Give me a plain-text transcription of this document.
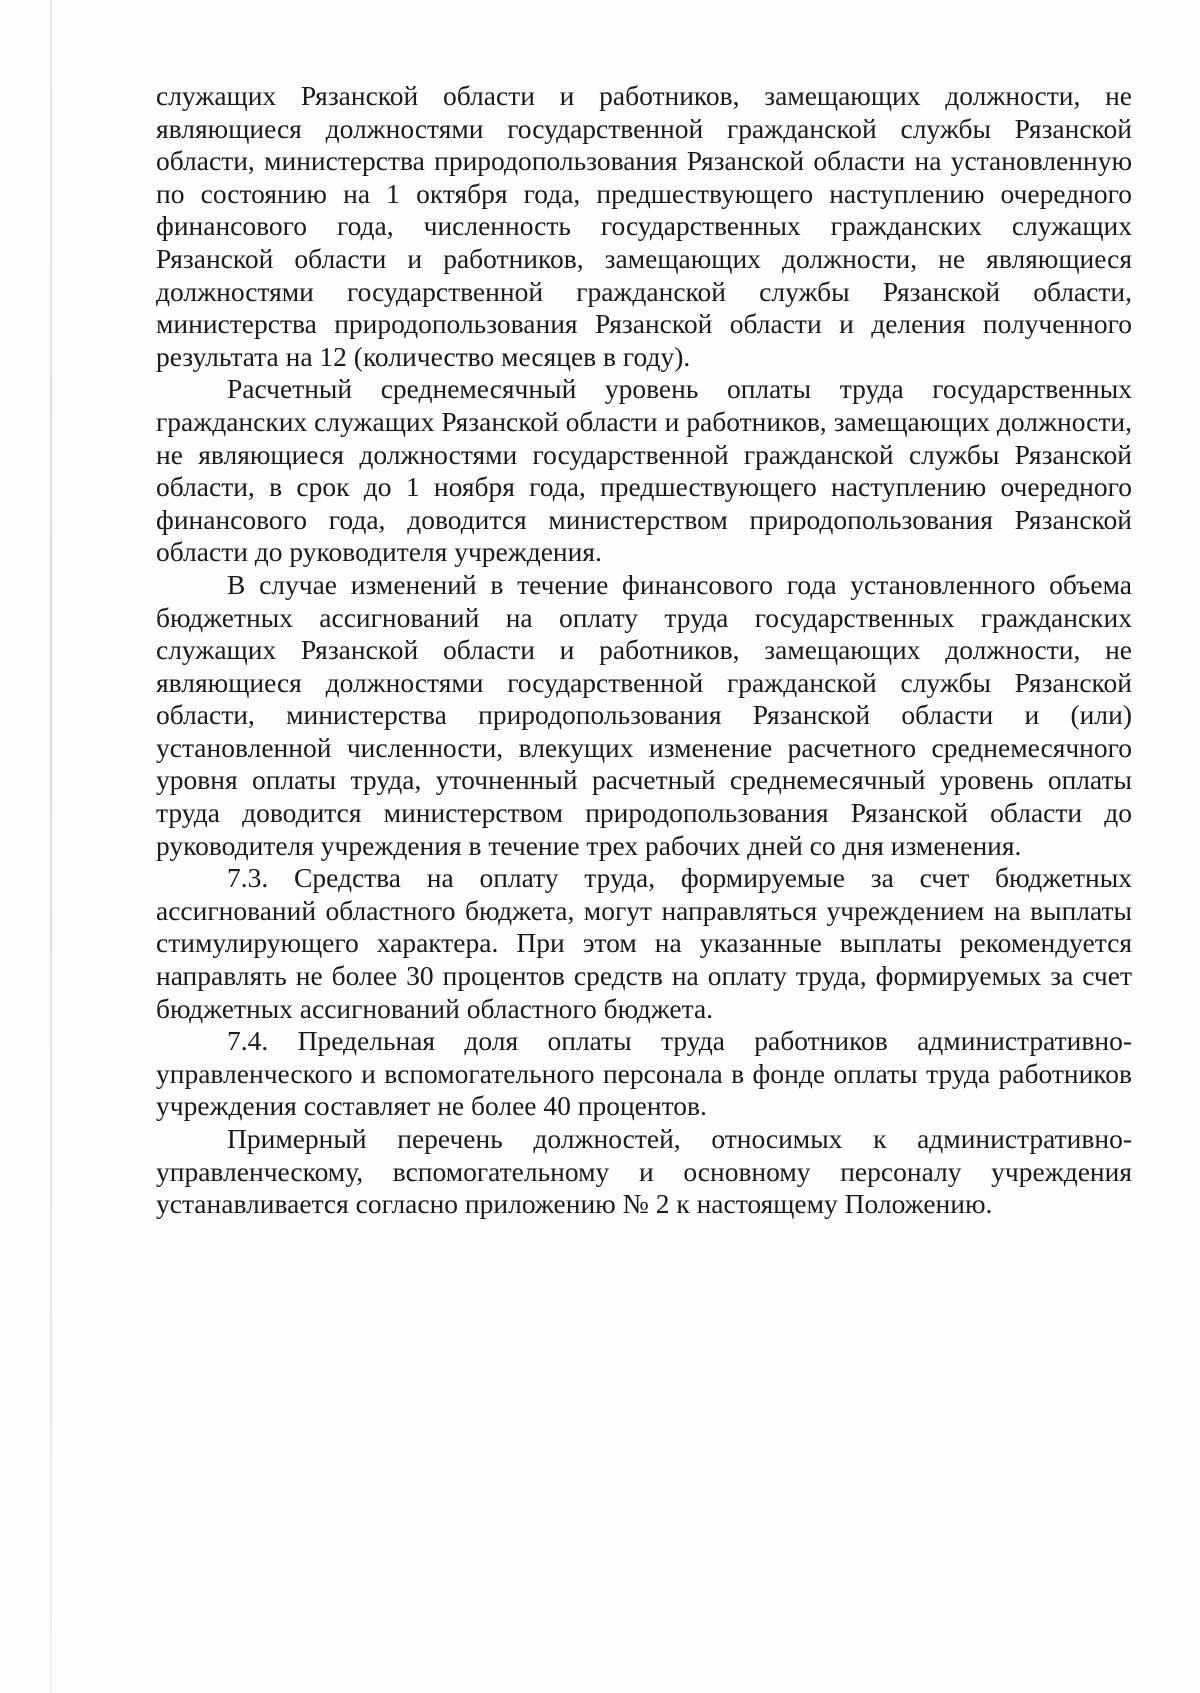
служащих Рязанской области и работников, замещающих должности, не являющиеся должностями государственной гражданской службы Рязанской области, министерства природопользования Рязанской области на установленную по состоянию на 1 октября года, предшествующего наступлению очередного финансового года, численность государственных гражданских служащих Рязанской области и работников, замещающих должности, не являющиеся должностями государственной гражданской службы Рязанской области, министерства природопользования Рязанской области и деления полученного результата на 12 (количество месяцев в году).

Расчетный среднемесячный уровень оплаты труда государственных гражданских служащих Рязанской области и работников, замещающих должности, не являющиеся должностями государственной гражданской службы Рязанской области, в срок до 1 ноября года, предшествующего наступлению очередного финансового года, доводится министерством природопользования Рязанской области до руководителя учреждения.

В случае изменений в течение финансового года установленного объема бюджетных ассигнований на оплату труда государственных гражданских служащих Рязанской области и работников, замещающих должности, не являющиеся должностями государственной гражданской службы Рязанской области, министерства природопользования Рязанской области и (или) установленной численности, влекущих изменение расчетного среднемесячного уровня оплаты труда, уточненный расчетный среднемесячный уровень оплаты труда доводится министерством природопользования Рязанской области до руководителя учреждения в течение трех рабочих дней со дня изменения.

7.3. Средства на оплату труда, формируемые за счет бюджетных ассигнований областного бюджета, могут направляться учреждением на выплаты стимулирующего характера. При этом на указанные выплаты рекомендуется направлять не более 30 процентов средств на оплату труда, формируемых за счет бюджетных ассигнований областного бюджета.

7.4. Предельная доля оплаты труда работников административно-управленческого и вспомогательного персонала в фонде оплаты труда работников учреждения составляет не более 40 процентов.

Примерный перечень должностей, относимых к административно-управленческому, вспомогательному и основному персоналу учреждения устанавливается согласно приложению № 2 к настоящему Положению.
